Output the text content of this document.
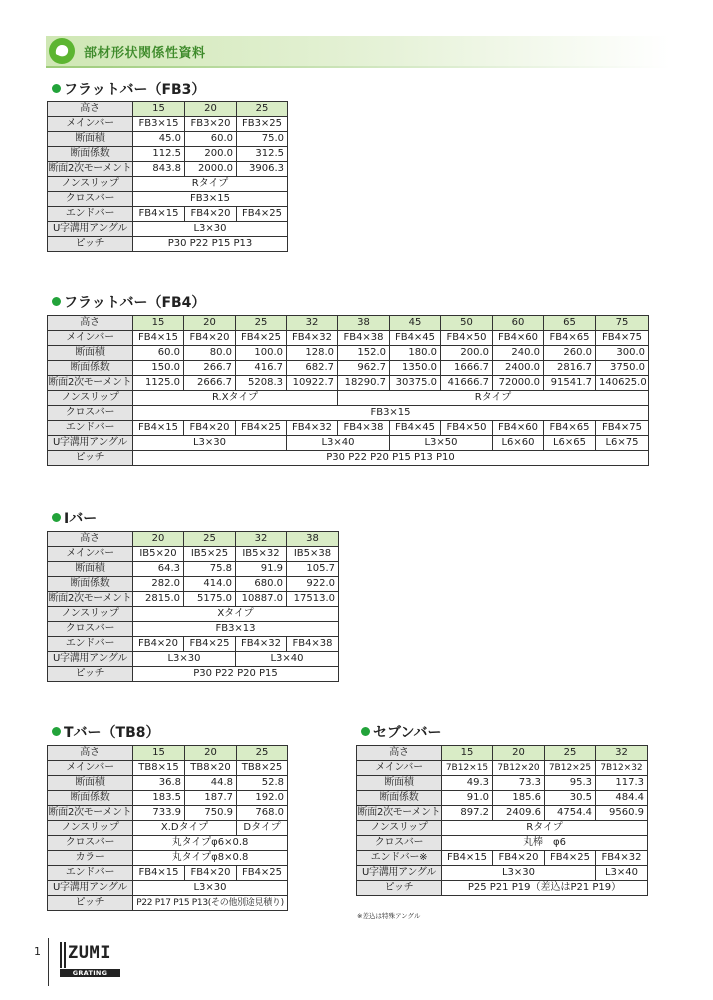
部材形状関係性資料
フラットバー（FB3）
高さ	15	20	25
メインバー	FB3×15	FB3×20	FB3×25
断面積	45.0	60.0	75.0
断面係数	112.5	200.0	312.5
断面2次モーメント	843.8	2000.0	3906.3
ノンスリップ	Rタイプ		
クロスバー	FB3×15		
エンドバー	FB4×15	FB4×20	FB4×25
U字溝用アングル	L3×30		
ピッチ	P30 P22 P15 P13		
フラットバー（FB4）
高さ	15	20	25	32	38	45	50	60	65	75
メインバー	FB4×15	FB4×20	FB4×25	FB4×32	FB4×38	FB4×45	FB4×50	FB4×60	FB4×65	FB4×75
断面積	60.0	80.0	100.0	128.0	152.0	180.0	200.0	240.0	260.0	300.0
断面係数	150.0	266.7	416.7	682.7	962.7	1350.0	1666.7	2400.0	2816.7	3750.0
断面2次モーメント	1125.0	2666.7	5208.3	10922.7	18290.7	30375.0	41666.7	72000.0	91541.7	140625.0
ノンスリップ	R.Xタイプ				Rタイプ					
クロスバー	FB3×15									
エンドバー	FB4×15	FB4×20	FB4×25	FB4×32	FB4×38	FB4×45	FB4×50	FB4×60	FB4×65	FB4×75
U字溝用アングル	L3×30			L3×40		L3×50		L6×60	L6×65	L6×75
ピッチ	P30 P22 P20 P15 P13 P10									
Iバー
高さ	20	25	32	38
メインバー	IB5×20	IB5×25	IB5×32	IB5×38
断面積	64.3	75.8	91.9	105.7
断面係数	282.0	414.0	680.0	922.0
断面2次モーメント	2815.0	5175.0	10887.0	17513.0
ノンスリップ	Xタイプ			
クロスバー	FB3×13			
エンドバー	FB4×20	FB4×25	FB4×32	FB4×38
U字溝用アングル	L3×30		L3×40	
ピッチ	P30 P22 P20 P15			
Tバー（TB8）
高さ	15	20	25
メインバー	TB8×15	TB8×20	TB8×25
断面積	36.8	44.8	52.8
断面係数	183.5	187.7	192.0
断面2次モーメント	733.9	750.9	768.0
ノンスリップ	X.Dタイプ		Dタイプ
クロスバー	丸タイプφ6×0.8		
カラー	丸タイプφ8×0.8		
エンドバー	FB4×15	FB4×20	FB4×25
U字溝用アングル	L3×30		
ピッチ	P22 P17 P15 P13(その他別途見積り)		
セブンバー
高さ	15	20	25	32
メインバー	7B12×15	7B12×20	7B12×25	7B12×32
断面積	49.3	73.3	95.3	117.3
断面係数	91.0	185.6	30.5	484.4
断面2次モーメント	897.2	2409.6	4754.4	9560.9
ノンスリップ	Rタイプ			
クロスバー	丸棒　φ6			
エンドバー※	FB4×15	FB4×20	FB4×25	FB4×32
U字溝用アングル	L3×30			L3×40
ピッチ	P25 P21 P19（差込はP21 P19）			
※差込は特殊アングル
1 ZUMI
GRATING
